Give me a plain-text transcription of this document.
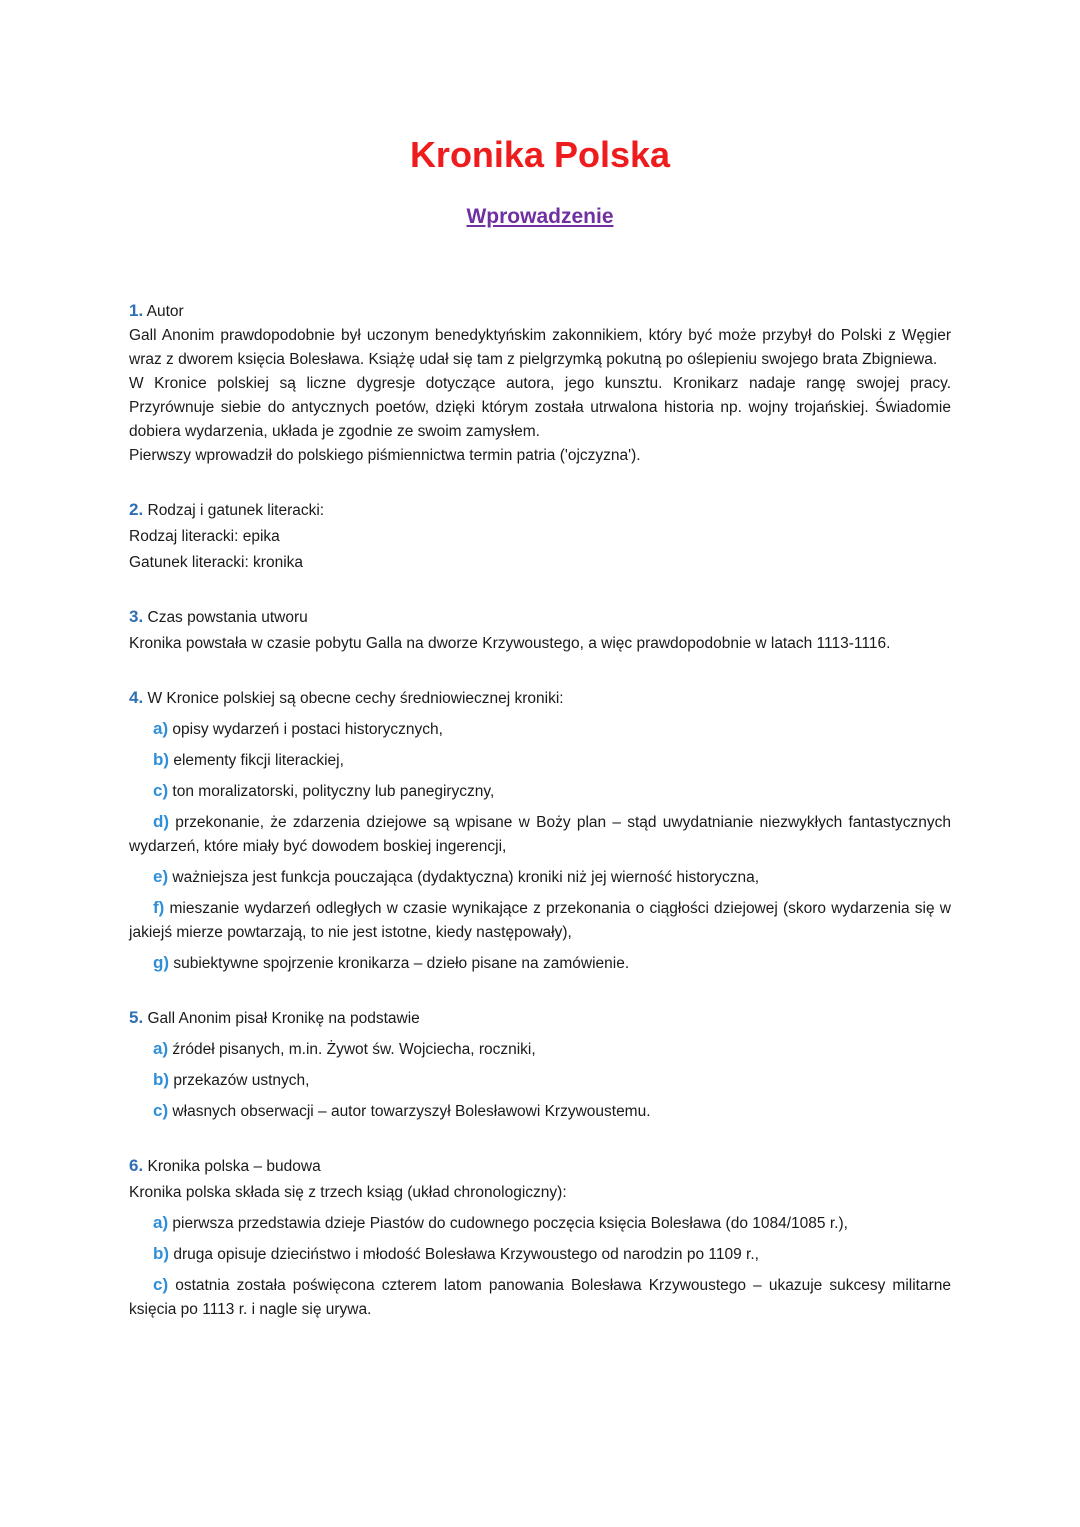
Kronika Polska
Wprowadzenie
1. Autor

Gall Anonim prawdopodobnie był uczonym benedyktyńskim zakonnikiem, który być może przybył do Polski z Węgier wraz z dworem księcia Bolesława. Książę udał się tam z pielgrzymką pokutną po oślepieniu swojego brata Zbigniewa.

W Kronice polskiej są liczne dygresje dotyczące autora, jego kunsztu. Kronikarz nadaje rangę swojej pracy. Przyrównuje siebie do antycznych poetów, dzięki którym została utrwalona historia np. wojny trojańskiej. Świadomie dobiera wydarzenia, układa je zgodnie ze swoim zamysłem.

Pierwszy wprowadził do polskiego piśmiennictwa termin patria ('ojczyzna').

2. Rodzaj i gatunek literacki:

Rodzaj literacki: epika

Gatunek literacki: kronika

3. Czas powstania utworu

Kronika powstała w czasie pobytu Galla na dworze Krzywoustego, a więc prawdopodobnie w latach 1113-1116.

4. W Kronice polskiej są obecne cechy średniowiecznej kroniki:

a) opisy wydarzeń i postaci historycznych,

b) elementy fikcji literackiej,

c) ton moralizatorski, polityczny lub panegiryczny,

d) przekonanie, że zdarzenia dziejowe są wpisane w Boży plan – stąd uwydatnianie niezwykłych fantastycznych wydarzeń, które miały być dowodem boskiej ingerencji,

e) ważniejsza jest funkcja pouczająca (dydaktyczna) kroniki niż jej wierność historyczna,

f) mieszanie wydarzeń odległych w czasie wynikające z przekonania o ciągłości dziejowej (skoro wydarzenia się w jakiejś mierze powtarzają, to nie jest istotne, kiedy następowały),

g) subiektywne spojrzenie kronikarza – dzieło pisane na zamówienie.

5. Gall Anonim pisał Kronikę na podstawie

a) źródeł pisanych, m.in. Żywot św. Wojciecha, roczniki,

b) przekazów ustnych,

c) własnych obserwacji – autor towarzyszył Bolesławowi Krzywoustemu.

6. Kronika polska – budowa

Kronika polska składa się z trzech ksiąg (układ chronologiczny):

a) pierwsza przedstawia dzieje Piastów do cudownego poczęcia księcia Bolesława (do 1084/1085 r.),

b) druga opisuje dzieciństwo i młodość Bolesława Krzywoustego od narodzin po 1109 r.,

c) ostatnia została poświęcona czterem latom panowania Bolesława Krzywoustego – ukazuje sukcesy militarne księcia po 1113 r. i nagle się urywa.
